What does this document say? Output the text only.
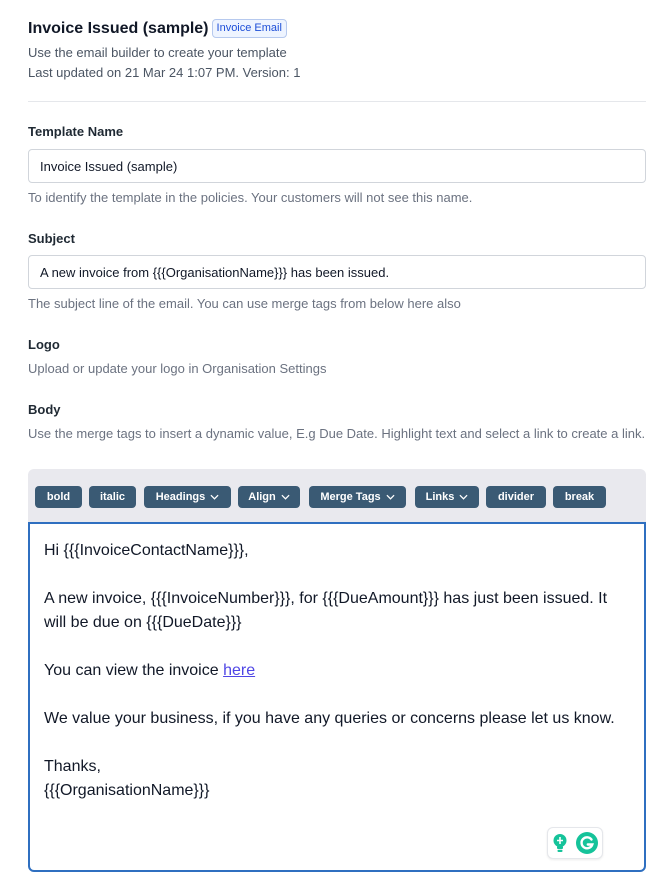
Invoice Issued (sample) Invoice Email
Use the email builder to create your template
Last updated on 21 Mar 24 1:07 PM. Version: 1
Template Name
Invoice Issued (sample)
To identify the template in the policies. Your customers will not see this name.
Subject
A new invoice from {{{OrganisationName}}} has been issued.
The subject line of the email. You can use merge tags from below here also
Logo
Upload or update your logo in Organisation Settings
Body
Use the merge tags to insert a dynamic value, E.g Due Date. Highlight text and select a link to create a link.
bold	italic	Headings	Align	Merge Tags	Links	divider	break

Hi {{{InvoiceContactName}}},

A new invoice, {{{InvoiceNumber}}}, for {{{DueAmount}}} has just been issued. It will be due on {{{DueDate}}}

You can view the invoice here

We value your business, if you have any queries or concerns please let us know.

Thanks,

{{{OrganisationName}}}
